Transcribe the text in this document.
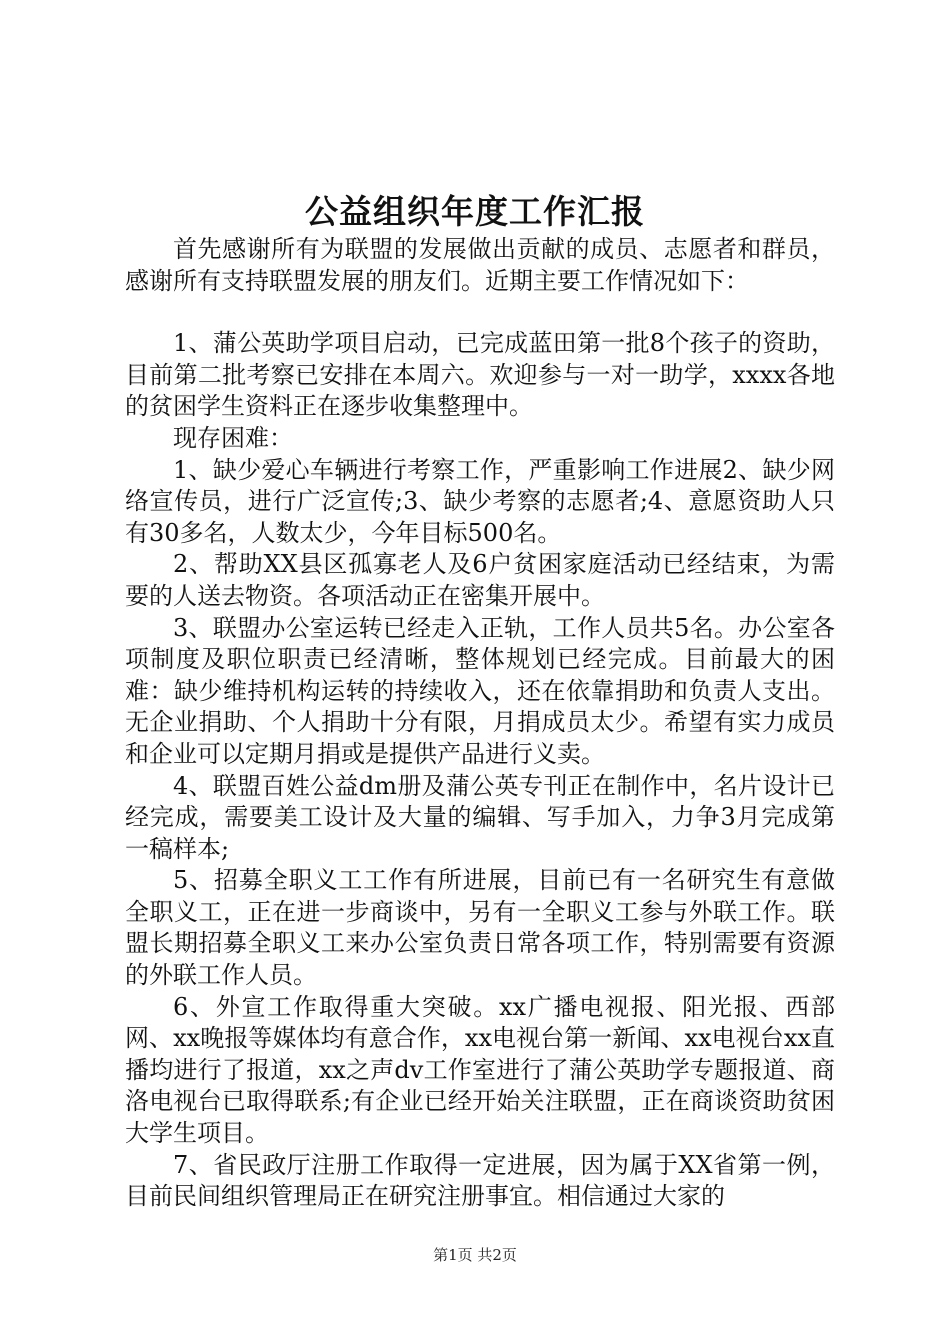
公益组织年度工作汇报

首先感谢所有为联盟的发展做出贡献的成员、志愿者和群员，感谢所有支持联盟发展的朋友们。近期主要工作情况如下：

1、蒲公英助学项目启动，已完成蓝田第一批8个孩子的资助，目前第二批考察已安排在本周六。欢迎参与一对一助学，xxxx各地的贫困学生资料正在逐步收集整理中。

现存困难：

1、缺少爱心车辆进行考察工作，严重影响工作进展2、缺少网络宣传员，进行广泛宣传;3、缺少考察的志愿者;4、意愿资助人只有30多名，人数太少，今年目标500名。

2、帮助XX县区孤寡老人及6户贫困家庭活动已经结束，为需要的人送去物资。各项活动正在密集开展中。

3、联盟办公室运转已经走入正轨，工作人员共5名。办公室各项制度及职位职责已经清晰，整体规划已经完成。目前最大的困难：缺少维持机构运转的持续收入，还在依靠捐助和负责人支出。无企业捐助、个人捐助十分有限，月捐成员太少。希望有实力成员和企业可以定期月捐或是提供产品进行义卖。

4、联盟百姓公益dm册及蒲公英专刊正在制作中，名片设计已经完成，需要美工设计及大量的编辑、写手加入，力争3月完成第一稿样本;

5、招募全职义工工作有所进展，目前已有一名研究生有意做全职义工，正在进一步商谈中，另有一全职义工参与外联工作。联盟长期招募全职义工来办公室负责日常各项工作，特别需要有资源的外联工作人员。

6、外宣工作取得重大突破。xx广播电视报、阳光报、西部网、xx晚报等媒体均有意合作，xx电视台第一新闻、xx电视台xx直播均进行了报道，xx之声dv工作室进行了蒲公英助学专题报道、商洛电视台已取得联系;有企业已经开始关注联盟，正在商谈资助贫困大学生项目。

7、省民政厅注册工作取得一定进展，因为属于XX省第一例，目前民间组织管理局正在研究注册事宜。相信通过大家的

第1页 共2页
